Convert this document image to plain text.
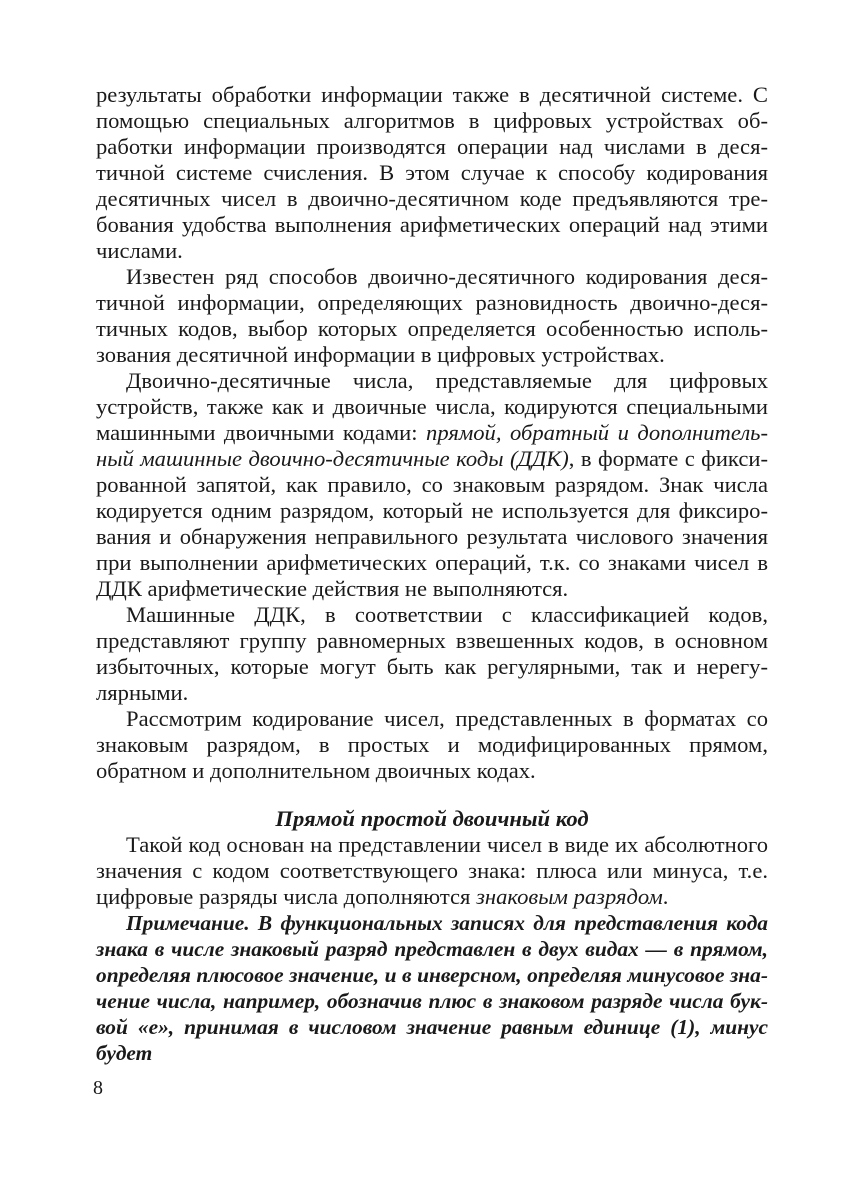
результаты обработки информации также в десятичной системе. С помощью специальных алгоритмов в цифровых устройствах обработки информации производятся операции над числами в десятичной системе счисления. В этом случае к способу кодирования десятичных чисел в двоично-десятичном коде предъявляются требования удобства выполнения арифметических операций над этими числами.

Известен ряд способов двоично-десятичного кодирования десятичной информации, определяющих разновидность двоично-десятичных кодов, выбор которых определяется особенностью использования десятичной информации в цифровых устройствах.

Двоично-десятичные числа, представляемые для цифровых устройств, также как и двоичные числа, кодируются специальными машинными двоичными кодами: прямой, обратный и дополнительный машинные двоично-десятичные коды (ДДК), в формате с фиксированной запятой, как правило, со знаковым разрядом. Знак числа кодируется одним разрядом, который не используется для фиксирования и обнаружения неправильного результата числового значения при выполнении арифметических операций, т.к. со знаками чисел в ДДК арифметические действия не выполняются.

Машинные ДДК, в соответствии с классификацией кодов, представляют группу равномерных взвешенных кодов, в основном избыточных, которые могут быть как регулярными, так и нерегулярными.

Рассмотрим кодирование чисел, представленных в форматах со знаковым разрядом, в простых и модифицированных прямом, обратном и дополнительном двоичных кодах.

Прямой простой двоичный код

Такой код основан на представлении чисел в виде их абсолютного значения с кодом соответствующего знака: плюса или минуса, т.е. цифровые разряды числа дополняются знаковым разрядом.

Примечание. В функциональных записях для представления кода знака в числе знаковый разряд представлен в двух видах — в прямом, определяя плюсовое значение, и в инверсном, определяя минусовое значение числа, например, обозначив плюс в знаковом разряде числа буквой «e», принимая в числовом значение равным единице (1), минус будет

8
